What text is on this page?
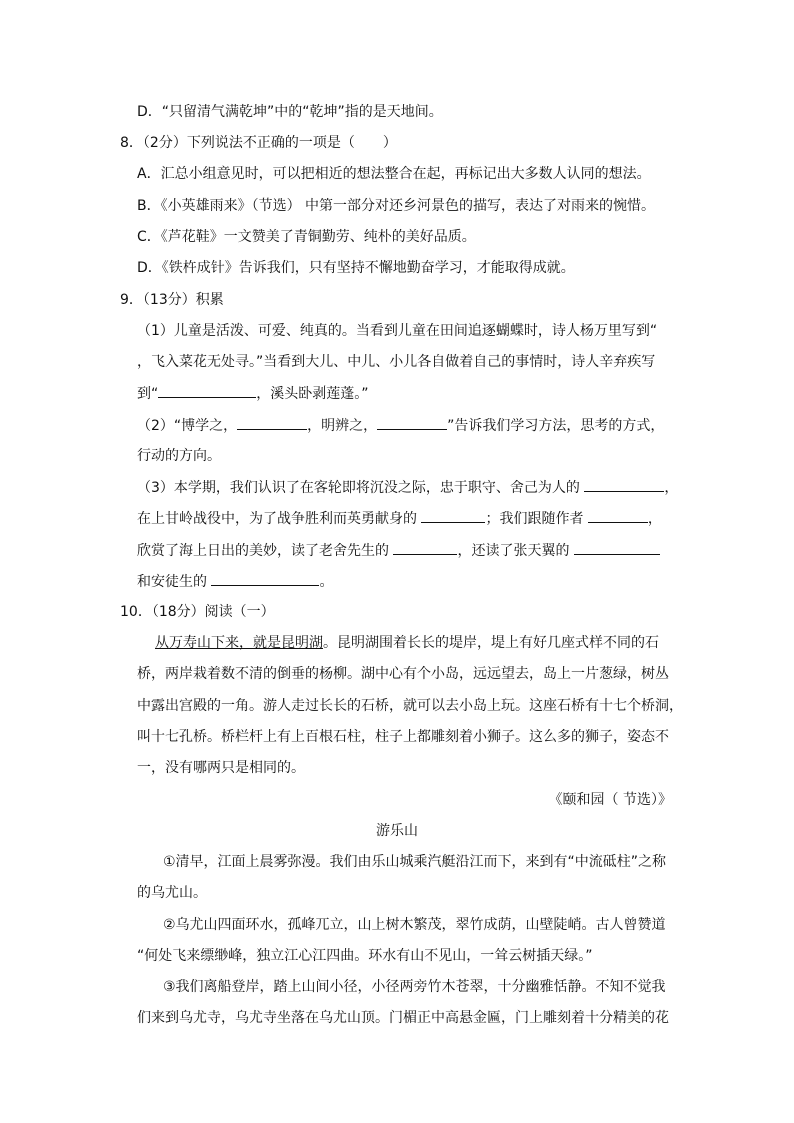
D．“只留清气满乾坤”中的“乾坤”指的是天地间。
8．（2分）下列说法不正确的一项是（　　）
A．汇总小组意见时，可以把相近的想法整合在起，再标记出大多数人认同的想法。
B．《小英雄雨来》（节选） 中第一部分对还乡河景色的描写，表达了对雨来的惋惜。
C．《芦花鞋》一文赞美了青铜勤劳、纯朴的美好品质。
D．《铁杵成针》告诉我们，只有坚持不懈地勤奋学习，才能取得成就。
9．（13分）积累
（1）儿童是活泼、可爱、纯真的。当看到儿童在田间追逐蝴蝶时，诗人杨万里写到“
，飞入菜花无处寻。”当看到大儿、中儿、小儿各自做着自己的事情时，诗人辛弃疾写
到“	，溪头卧剥莲蓬。”
（2）“博学之，	，明辨之，	”告诉我们学习方法，思考的方式，
行动的方向。
（3）本学期，我们认识了在客轮即将沉没之际，忠于职守、舍己为人的	，
在上甘岭战役中，为了战争胜利而英勇献身的	；我们跟随作者	，
欣赏了海上日出的美妙，读了老舍先生的	，还读了张天翼的
和安徒生的	。
10．（18分）阅读（一）
从万寿山下来，就是昆明湖。昆明湖围着长长的堤岸，堤上有好几座式样不同的石
桥，两岸栽着数不清的倒垂的杨柳。湖中心有个小岛，远远望去，岛上一片葱绿，树丛
中露出宫殿的一角。游人走过长长的石桥，就可以去小岛上玩。这座石桥有十七个桥洞，
叫十七孔桥。桥栏杆上有上百根石柱，柱子上都雕刻着小狮子。这么多的狮子，姿态不
一，没有哪两只是相同的。
《颐和园（ 节选）》
游乐山
①清早，江面上晨雾弥漫。我们由乐山城乘汽艇沿江而下，来到有“中流砥柱”之称
的乌尤山。
②乌尤山四面环水，孤峰兀立，山上树木繁茂，翠竹成荫，山壁陡峭。古人曾赞道
“何处飞来缥缈峰，独立江心江四曲。环水有山不见山，一耸云树插天绿。”
③我们离船登岸，踏上山间小径，小径两旁竹木苍翠，十分幽雅恬静。不知不觉我
们来到乌尤寺，乌尤寺坐落在乌尤山顶。门楣正中高悬金匾，门上雕刻着十分精美的花
